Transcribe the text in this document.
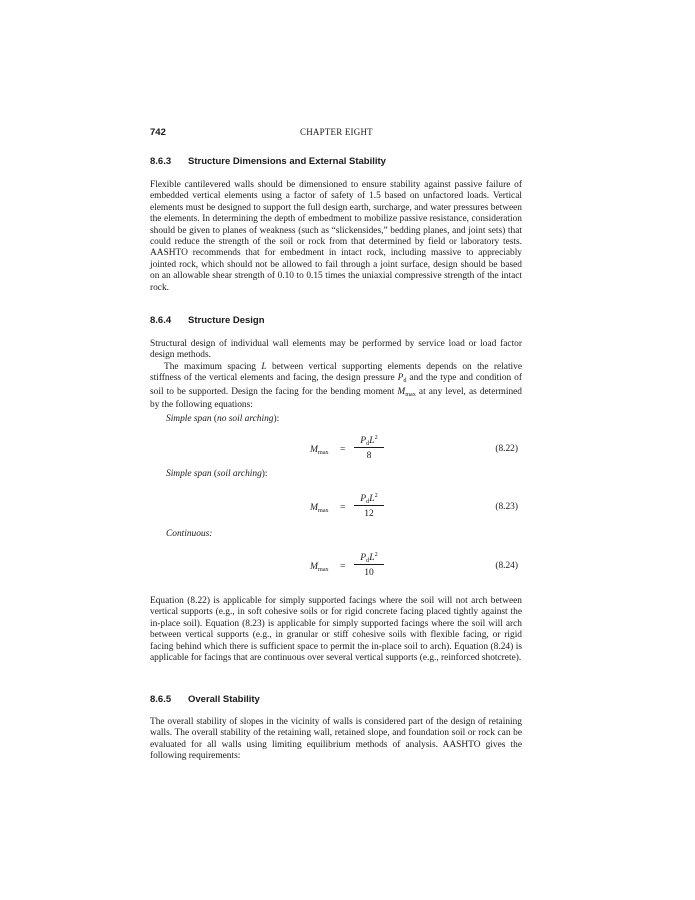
742	CHAPTER EIGHT
8.6.3 Structure Dimensions and External Stability

Flexible cantilevered walls should be dimensioned to ensure stability against passive failure of embedded vertical elements using a factor of safety of 1.5 based on unfactored loads. Vertical elements must be designed to support the full design earth, surcharge, and water pressures between the elements. In determining the depth of embedment to mobilize passive resistance, consideration should be given to planes of weakness (such as “slickensides,” bedding planes, and joint sets) that could reduce the strength of the soil or rock from that determined by field or laboratory tests. AASHTO recommends that for embedment in intact rock, including massive to appreciably jointed rock, which should not be allowed to fail through a joint surface, design should be based on an allowable shear strength of 0.10 to 0.15 times the uniaxial compressive strength of the intact rock.

8.6.4 Structure Design

Structural design of individual wall elements may be performed by service load or load factor design methods.

The maximum spacing L between vertical supporting elements depends on the relative stiffness of the vertical elements and facing, the design pressure $P_d$ and the type and condition of soil to be supported. Design the facing for the bending moment $M_{max}$ at any level, as determined by the following equations:

Simple span (no soil arching):
$M_{max}$ =
$P_dL^2$
8
(8.22)
Simple span (soil arching):
$M_{max}$ =
$P_dL^2$
12
(8.23)
Continuous:
$M_{max}$ =
$P_dL^2$
10
(8.24)

Equation (8.22) is applicable for simply supported facings where the soil will not arch between vertical supports (e.g., in soft cohesive soils or for rigid concrete facing placed tightly against the in-place soil). Equation (8.23) is applicable for simply supported facings where the soil will arch between vertical supports (e.g., in granular or stiff cohesive soils with flexible facing, or rigid facing behind which there is sufficient space to permit the in-place soil to arch). Equation (8.24) is applicable for facings that are continuous over several vertical supports (e.g., reinforced shotcrete).

8.6.5 Overall Stability

The overall stability of slopes in the vicinity of walls is considered part of the design of retaining walls. The overall stability of the retaining wall, retained slope, and foundation soil or rock can be evaluated for all walls using limiting equilibrium methods of analysis. AASHTO gives the following requirements:
